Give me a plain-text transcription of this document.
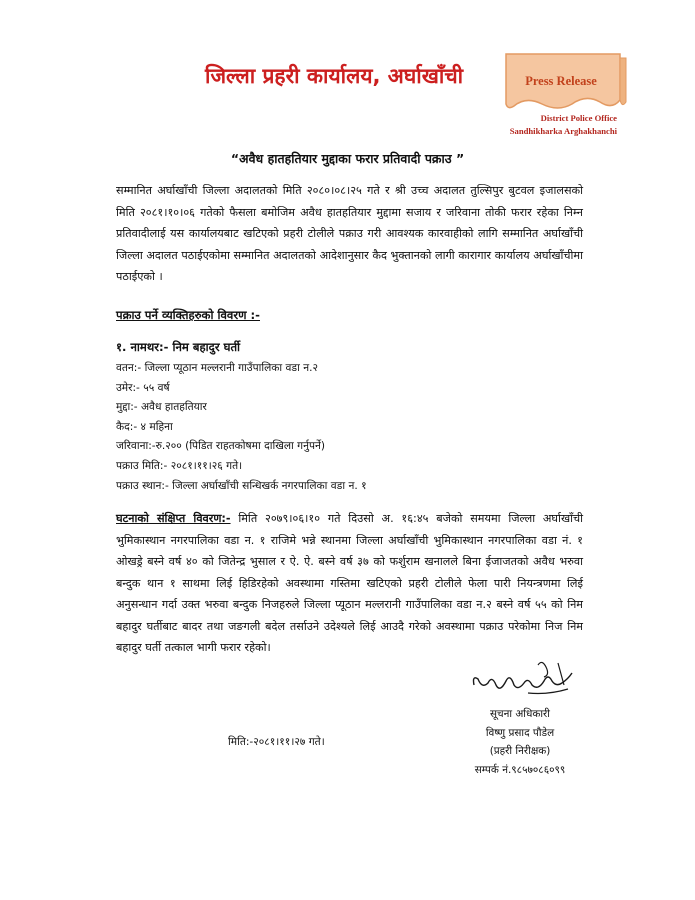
जिल्ला प्रहरी कार्यालय, अर्घाखाँची	Press Release
District Police Office
Sandhikharka Arghakhanchi
“अवैध हातहतियार मुद्दाका फरार प्रतिवादी पक्राउ ”
सम्मानित अर्घाखाँची जिल्ला अदालतको मिति २०८०।०८।२५ गते र श्री उच्च अदालत तुल्सिपुर बुटवल इजालसको मिति २०८१।१०।०६ गतेको फैसला बमोजिम अवैध हातहतियार मुद्दामा सजाय र जरिवाना तोकी फरार रहेका निम्न प्रतिवादीलाई यस कार्यालयबाट खटिएको प्रहरी टोलीले पक्राउ गरी आवश्यक कारवाहीको लागि सम्मानित अर्घाखाँची जिल्ला अदालत पठाईएकोमा सम्मानित अदालतको आदेशानुसार कैद भुक्तानको लागी कारागार कार्यालय अर्घाखाँचीमा पठाईएको ।
पक्राउ पर्ने व्यक्तिहरुको विवरण :-
१. नामथर:- निम बहादुर घर्ती
वतन:- जिल्ला प्यूठान मल्लरानी गाउँपालिका वडा न.२
उमेर:- ५५ वर्ष
मुद्दा:- अवैध हातहतियार
कैद:- ४ महिना
जरिवाना:-रु.२०० (पिडित राहतकोषमा दाखिला गर्नुपर्ने)
पक्राउ मिति:- २०८१।११।२६ गते।
पक्राउ स्थान:- जिल्ला अर्घाखाँची सन्धिखर्क नगरपालिका वडा न. १
घटनाको संक्षिप्त विवरण:- मिति २०७९।०६।१० गते दिउसो अ. १६:४५ बजेको समयमा जिल्ला अर्घाखाँची भुमिकास्थान नगरपालिका वडा न. १ राजिमे भन्ने स्थानमा जिल्ला अर्घाखाँची भुमिकास्थान नगरपालिका वडा नं. १ ओखड्रे बस्ने वर्ष ४० को जितेन्द्र भुसाल र ऐ. ऐ. बस्ने वर्ष ३७ को फर्शुराम खनालले बिना ईजाजतको अवैध भरुवा बन्दुक थान १ साथमा लिई हिडिरहेको अवस्थामा गस्तिमा खटिएको प्रहरी टोलीले फेला पारी नियन्त्रणमा लिई अनुसन्धान गर्दा उक्त भरुवा बन्दुक निजहरुले जिल्ला प्यूठान मल्लरानी गाउँपालिका वडा न.२ बस्ने वर्ष ५५ को निम बहादुर घर्तीबाट बादर तथा जङगली बदेल तर्साउने उदेश्यले लिई आउदै गरेको अवस्थामा पक्राउ परेकोमा निज निम बहादुर घर्ती तत्काल भागी फरार रहेको।
सूचना अधिकारी
विष्णु प्रसाद पौडेल
(प्रहरी निरीक्षक)
सम्पर्क नं.९८५७०८६०९९
मिति:-२०८१।११।२७ गते।
